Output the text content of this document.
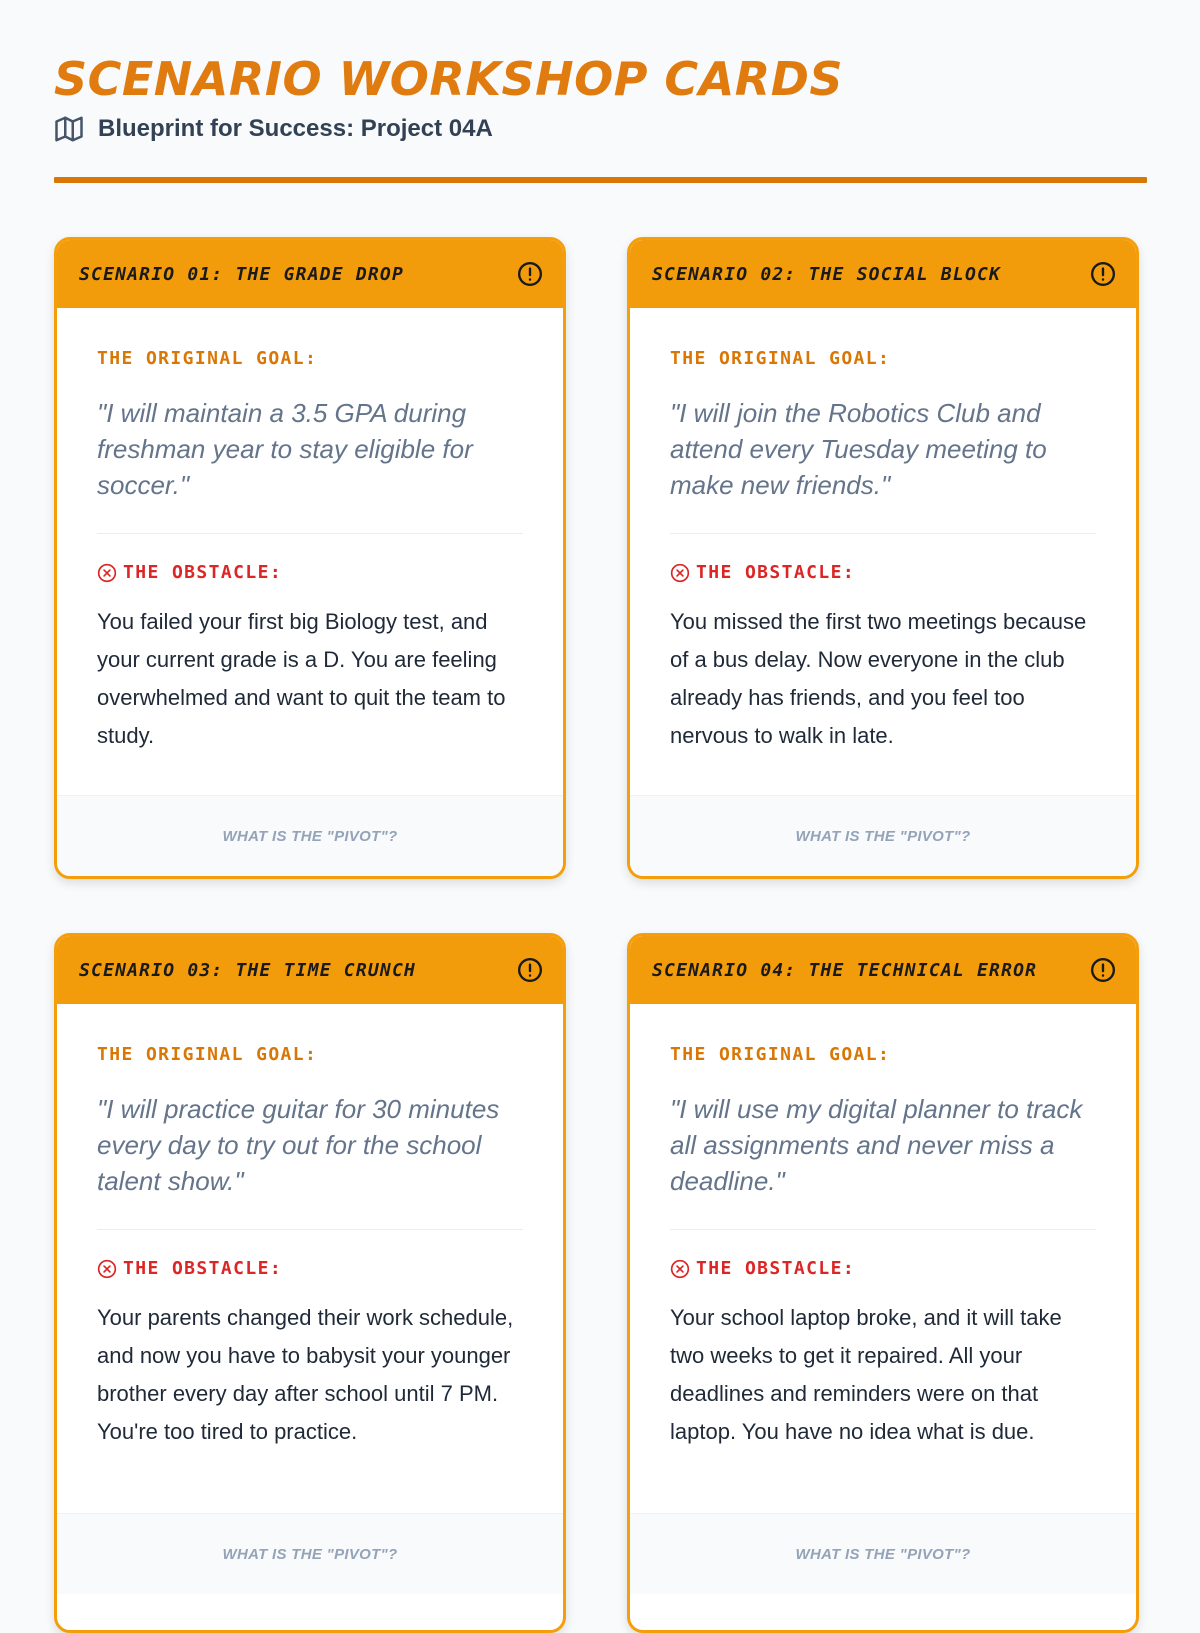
SCENARIO WORKSHOP CARDS
Blueprint for Success: Project 04A
SCENARIO 01: THE GRADE DROP
THE ORIGINAL GOAL:

"I will maintain a 3.5 GPA during freshman year to stay eligible for soccer."

THE OBSTACLE:

You failed your first big Biology test, and your current grade is a D. You are feeling overwhelmed and want to quit the team to study.

WHAT IS THE "PIVOT"?
SCENARIO 02: THE SOCIAL BLOCK
THE ORIGINAL GOAL:

"I will join the Robotics Club and attend every Tuesday meeting to make new friends."

THE OBSTACLE:

You missed the first two meetings because of a bus delay. Now everyone in the club already has friends, and you feel too nervous to walk in late.

WHAT IS THE "PIVOT"?
SCENARIO 03: THE TIME CRUNCH
THE ORIGINAL GOAL:

"I will practice guitar for 30 minutes every day to try out for the school talent show."

THE OBSTACLE:

Your parents changed their work schedule, and now you have to babysit your younger brother every day after school until 7 PM. You're too tired to practice.

WHAT IS THE "PIVOT"?
SCENARIO 04: THE TECHNICAL ERROR
THE ORIGINAL GOAL:

"I will use my digital planner to track all assignments and never miss a deadline."

THE OBSTACLE:

Your school laptop broke, and it will take two weeks to get it repaired. All your deadlines and reminders were on that laptop. You have no idea what is due.

WHAT IS THE "PIVOT"?
